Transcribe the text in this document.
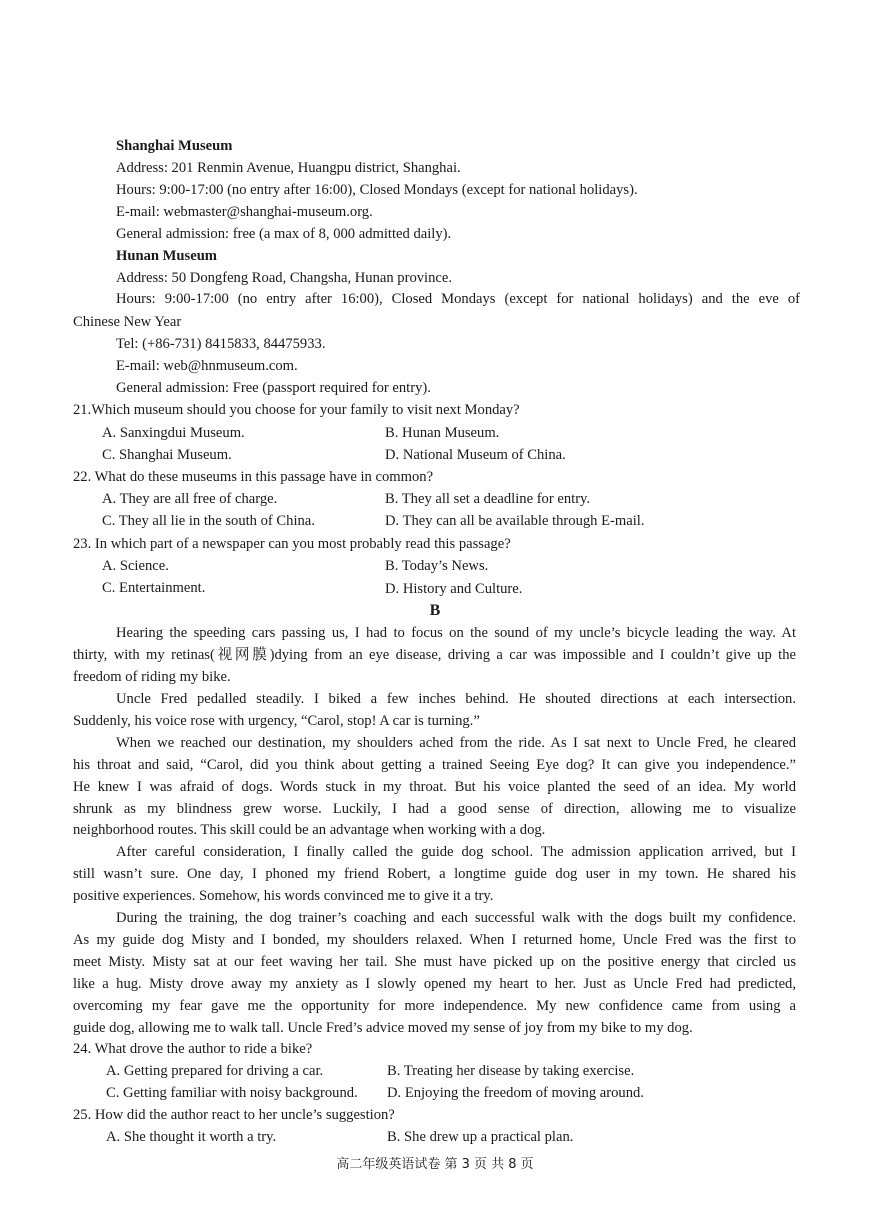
Shanghai Museum
Address: 201 Renmin Avenue, Huangpu district, Shanghai.
Hours: 9:00-17:00 (no entry after 16:00), Closed Mondays (except for national holidays).
E-mail: webmaster@shanghai-museum.org.
General admission: free (a max of 8, 000 admitted daily).
Hunan Museum
Address: 50 Dongfeng Road, Changsha, Hunan province.
Hours: 9:00-17:00 (no entry after 16:00), Closed Mondays (except for national holidays) and the eve of
Chinese New Year
Tel: (+86-731) 8415833, 84475933.
E-mail: web@hnmuseum.com.
General admission: Free (passport required for entry).
21.Which museum should you choose for your family to visit next Monday?
A. Sanxingdui Museum.	B. Hunan Museum.
C. Shanghai Museum.	D. National Museum of China.
22. What do these museums in this passage have in common?
A. They are all free of charge.	B. They all set a deadline for entry.
C. They all lie in the south of China.	D. They can all be available through E-mail.
23. In which part of a newspaper can you most probably read this passage?
A. Science.	B. Today’s News.
C. Entertainment.	D. History and Culture.
B
Hearing the speeding cars passing us, I had to focus on the sound of my uncle’s bicycle leading the way. At
thirty, with my retinas(视网膜)dying from an eye disease, driving a car was impossible and I couldn’t give up the
freedom of riding my bike.
Uncle Fred pedalled steadily. I biked a few inches behind. He shouted directions at each intersection.
Suddenly, his voice rose with urgency, “Carol, stop! A car is turning.”
When we reached our destination, my shoulders ached from the ride. As I sat next to Uncle Fred, he cleared
his throat and said, “Carol, did you think about getting a trained Seeing Eye dog? It can give you independence.”
He knew I was afraid of dogs. Words stuck in my throat. But his voice planted the seed of an idea. My world
shrunk as my blindness grew worse. Luckily, I had a good sense of direction, allowing me to visualize
neighborhood routes. This skill could be an advantage when working with a dog.
After careful consideration, I finally called the guide dog school. The admission application arrived, but I
still wasn’t sure. One day, I phoned my friend Robert, a longtime guide dog user in my town. He shared his
positive experiences. Somehow, his words convinced me to give it a try.
During the training, the dog trainer’s coaching and each successful walk with the dogs built my confidence.
As my guide dog Misty and I bonded, my shoulders relaxed. When I returned home, Uncle Fred was the first to
meet Misty. Misty sat at our feet waving her tail. She must have picked up on the positive energy that circled us
like a hug. Misty drove away my anxiety as I slowly opened my heart to her. Just as Uncle Fred had predicted,
overcoming my fear gave me the opportunity for more independence. My new confidence came from using a
guide dog, allowing me to walk tall. Uncle Fred’s advice moved my sense of joy from my bike to my dog.
24. What drove the author to ride a bike?
A. Getting prepared for driving a car.	B. Treating her disease by taking exercise.
C. Getting familiar with noisy background. D. Enjoying the freedom of moving around.
25. How did the author react to her uncle’s suggestion?
A. She thought it worth a try.	B. She drew up a practical plan.
高二年级英语试卷 第 3 页 共 8 页
